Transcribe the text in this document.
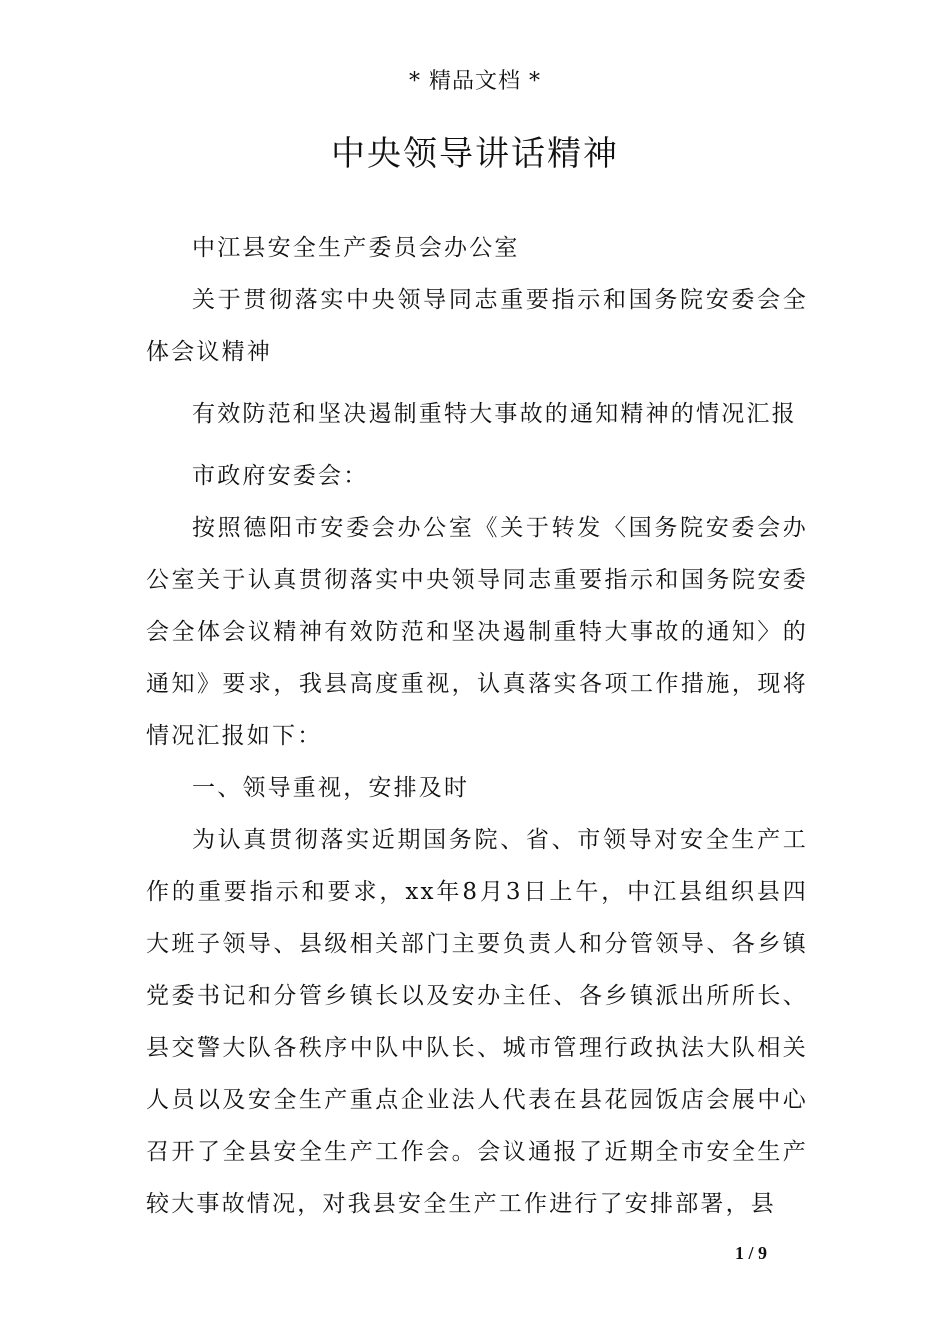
* 精品文档 *
中央领导讲话精神

中江县安全生产委员会办公室

关于贯彻落实中央领导同志重要指示和国务院安委会全体会议精神

有效防范和坚决遏制重特大事故的通知精神的情况汇报

市政府安委会：

按照德阳市安委会办公室《关于转发〈国务院安委会办公室关于认真贯彻落实中央领导同志重要指示和国务院安委会全体会议精神有效防范和坚决遏制重特大事故的通知〉的通知》要求，我县高度重视，认真落实各项工作措施，现将情况汇报如下：

一、领导重视，安排及时

为认真贯彻落实近期国务院、省、市领导对安全生产工作的重要指示和要求，xx年8月3日上午，中江县组织县四大班子领导、县级相关部门主要负责人和分管领导、各乡镇党委书记和分管乡镇长以及安办主任、各乡镇派出所所长、县交警大队各秩序中队中队长、城市管理行政执法大队相关人员以及安全生产重点企业法人代表在县花园饭店会展中心召开了全县安全生产工作会。会议通报了近期全市安全生产较大事故情况，对我县安全生产工作进行了安排部署，县

1 / 9
